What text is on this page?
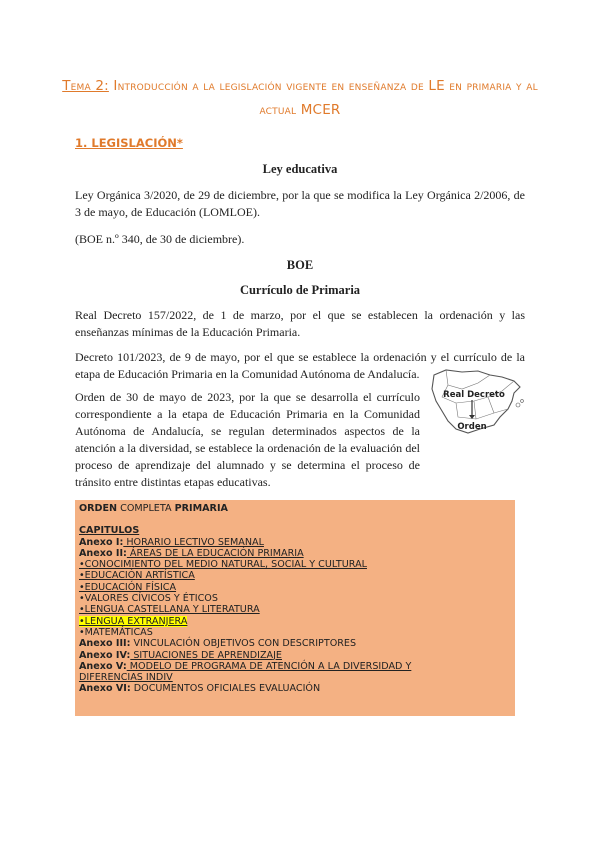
Tema 2: Introducción a la legislación vigente en enseñanza de LE en primaria y al actual MCER
1. LEGISLACIÓN*
Ley educativa
Ley Orgánica 3/2020, de 29 de diciembre, por la que se modifica la Ley Orgánica 2/2006, de 3 de mayo, de Educación (LOMLOE).
(BOE n.º 340, de 30 de diciembre).
BOE
Currículo de Primaria
Real Decreto 157/2022, de 1 de marzo, por el que se establecen la ordenación y las enseñanzas mínimas de la Educación Primaria.
Decreto 101/2023, de 9 de mayo, por el que se establece la ordenación y el currículo de la etapa de Educación Primaria en la Comunidad Autónoma de Andalucía.
Orden de 30 de mayo de 2023, por la que se desarrolla el currículo correspondiente a la etapa de Educación Primaria en la Comunidad Autónoma de Andalucía, se regulan determinados aspectos de la atención a la diversidad, se establece la ordenación de la evaluación del proceso de aprendizaje del alumnado y se determina el proceso de tránsito entre distintas etapas educativas.
Real Decreto
Orden
ORDEN COMPLETA PRIMARIA
CAPITULOS
Anexo I: HORARIO LECTIVO SEMANAL
Anexo II: ÁREAS DE LA EDUCACIÓN PRIMARIA
•CONOCIMIENTO DEL MEDIO NATURAL, SOCIAL Y CULTURAL
•EDUCACIÓN ARTÍSTICA
•EDUCACIÓN FÍSICA
•VALORES CÍVICOS Y ÉTICOS
•LENGUA CASTELLANA Y LITERATURA
•LENGUA EXTRANJERA
•MATEMÁTICAS
Anexo III: VINCULACIÓN OBJETIVOS CON DESCRIPTORES
Anexo IV: SITUACIONES DE APRENDIZAJE
Anexo V: MODELO DE PROGRAMA DE ATENCIÓN A LA DIVERSIDAD Y
DIFERENCIAS INDIV
Anexo VI: DOCUMENTOS OFICIALES EVALUACIÓN
